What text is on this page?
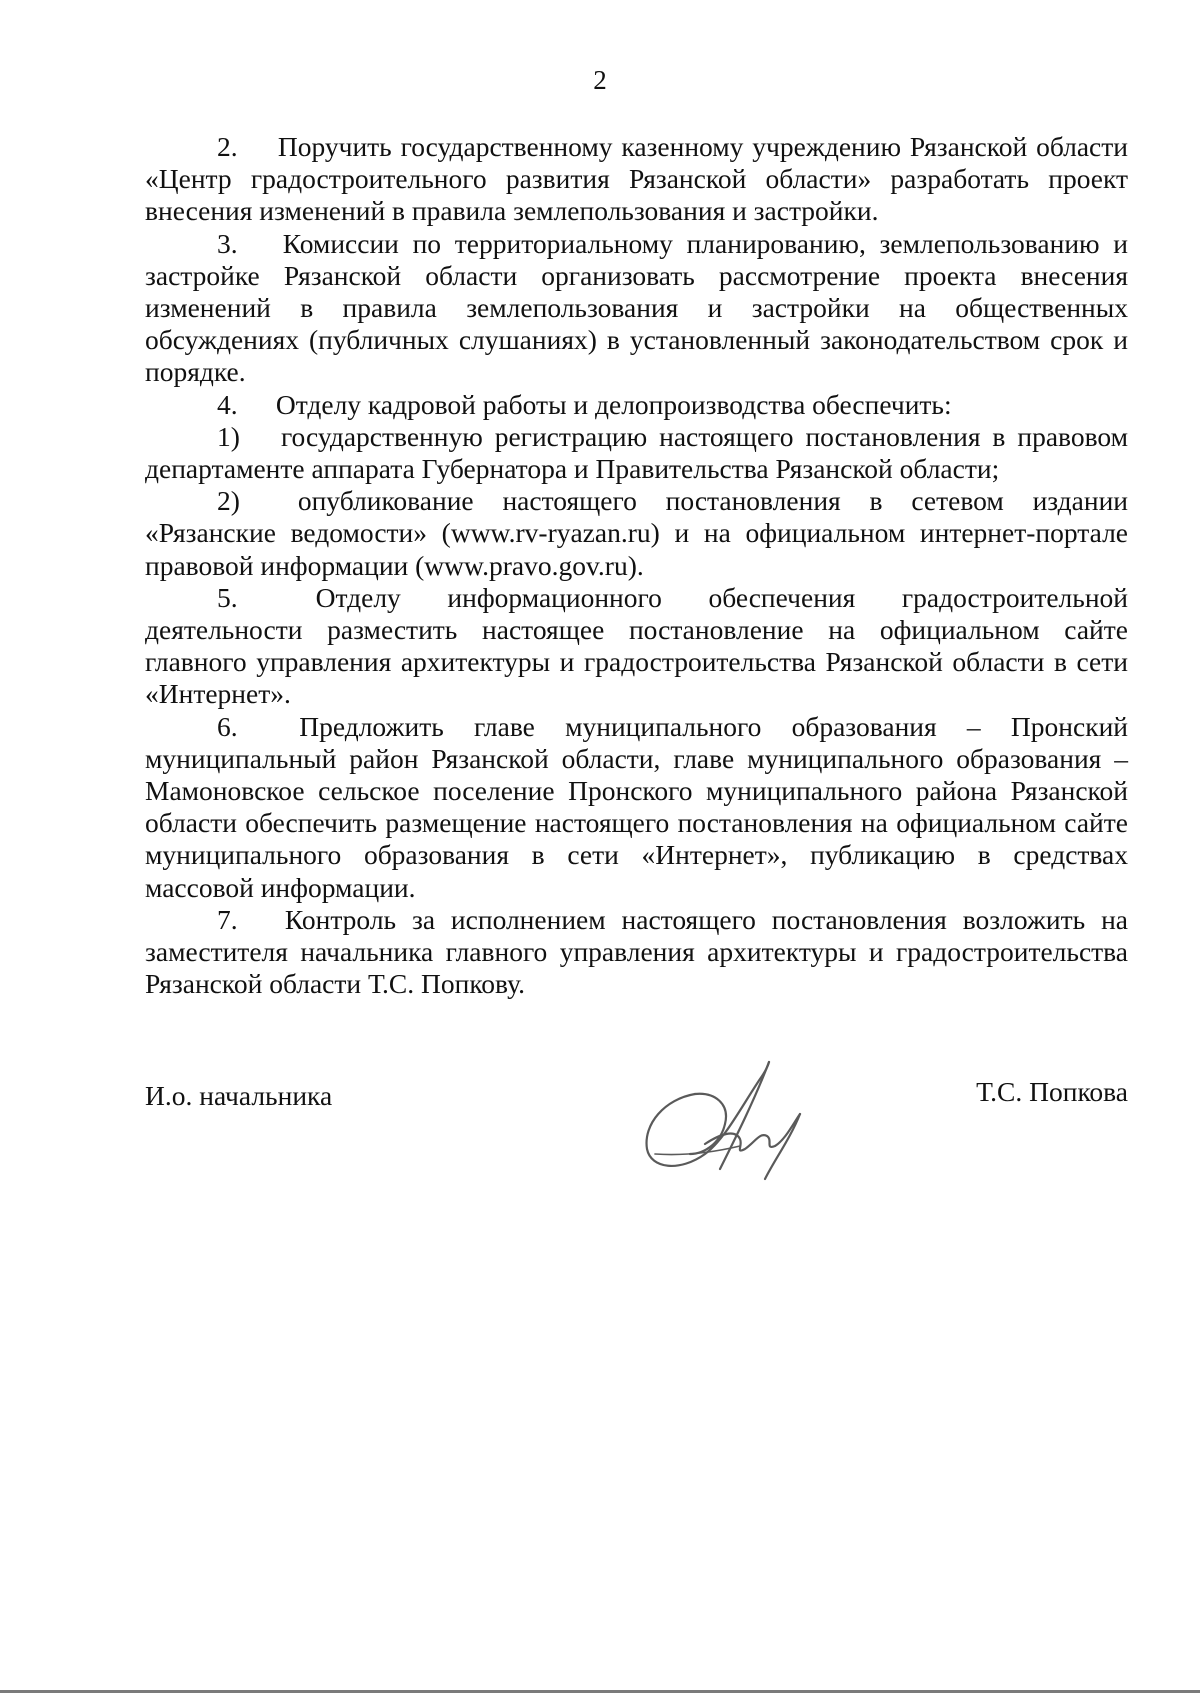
2

2. Поручить государственному казенному учреждению Рязанской области «Центр градостроительного развития Рязанской области» разработать проект внесения изменений в правила землепользования и застройки.

3. Комиссии по территориальному планированию, землепользованию и застройке Рязанской области организовать рассмотрение проекта внесения изменений в правила землепользования и застройки на общественных обсуждениях (публичных слушаниях) в установленный законодательством срок и порядке.

4. Отделу кадровой работы и делопроизводства обеспечить:

1) государственную регистрацию настоящего постановления в правовом департаменте аппарата Губернатора и Правительства Рязанской области;

2) опубликование настоящего постановления в сетевом издании «Рязанские ведомости» (www.rv-ryazan.ru) и на официальном интернет-портале правовой информации (www.pravo.gov.ru).

5.	Отделу информационного обеспечения градостроительной деятельности разместить настоящее постановление на официальном сайте главного управления архитектуры и градостроительства Рязанской области в сети «Интернет».

6. Предложить главе муниципального образования – Пронский муниципальный район Рязанской области, главе муниципального образования – Мамоновское сельское поселение Пронского муниципального района Рязанской области обеспечить размещение настоящего постановления на официальном сайте муниципального образования в сети «Интернет», публикацию в средствах массовой информации.

7. Контроль за исполнением настоящего постановления возложить на заместителя начальника главного управления архитектуры и градостроительства Рязанской области Т.С. Попкову.

И.о. начальника	Т.С. Попкова
